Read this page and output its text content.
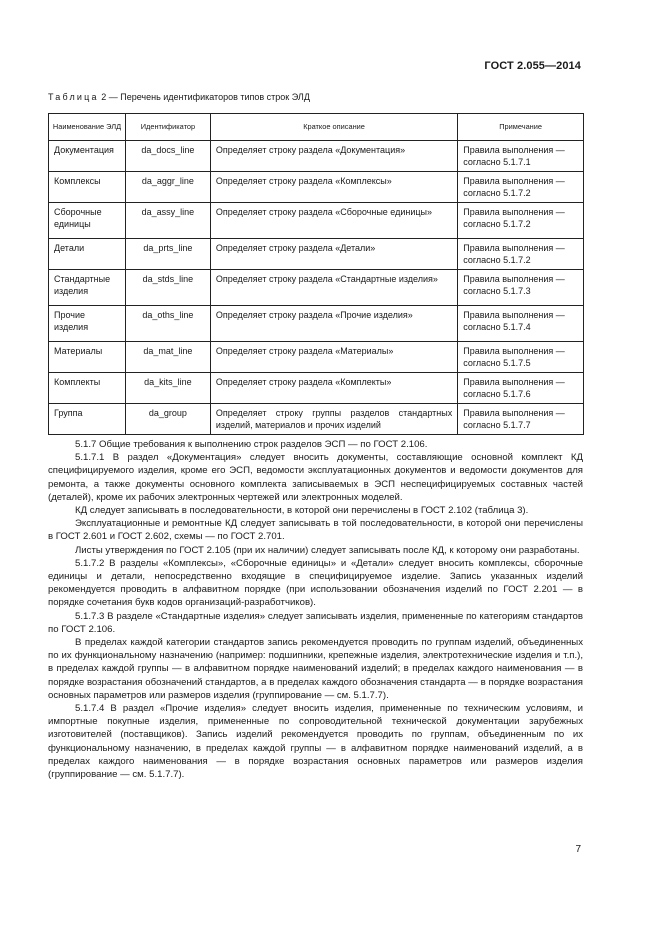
ГОСТ 2.055—2014
Таблица 2 — Перечень идентификаторов типов строк ЭЛД
Наименование ЭЛД	Идентификатор	Краткое описание	Примечание
Документация	da_docs_line	Определяет строку раздела «Документация»	Правила выполнения — согласно 5.1.7.1
Комплексы	da_aggr_line	Определяет строку раздела «Комплексы»	Правила выполнения — согласно 5.1.7.2
Сборочные единицы	da_assy_line	Определяет строку раздела «Сборочные единицы»	Правила выполнения — согласно 5.1.7.2
Детали	da_prts_line	Определяет строку раздела «Детали»	Правила выполнения — согласно 5.1.7.2
Стандартные изделия	da_stds_line	Определяет строку раздела «Стандартные изделия»	Правила выполнения — согласно 5.1.7.3
Прочие изделия	da_oths_line	Определяет строку раздела «Прочие изделия»	Правила выполнения — согласно 5.1.7.4
Материалы	da_mat_line	Определяет строку раздела «Материалы»	Правила выполнения — согласно 5.1.7.5
Комплекты	da_kits_line	Определяет строку раздела «Комплекты»	Правила выполнения — согласно 5.1.7.6
Группа	da_group	Определяет строку группы разделов стандартных изделий, материалов и прочих изделий	Правила выполнения — согласно 5.1.7.7

5.1.7 Общие требования к выполнению строк разделов ЭСП — по ГОСТ 2.106.

5.1.7.1 В раздел «Документация» следует вносить документы, составляющие основной комплект КД специфицируемого изделия, кроме его ЭСП, ведомости эксплуатационных документов и ведомости документов для ремонта, а также документы основного комплекта записываемых в ЭСП неспецифицируемых составных частей (деталей), кроме их рабочих электронных чертежей или электронных моделей.

КД следует записывать в последовательности, в которой они перечислены в ГОСТ 2.102 (таблица 3).

Эксплуатационные и ремонтные КД следует записывать в той последовательности, в которой они перечислены в ГОСТ 2.601 и ГОСТ 2.602, схемы — по ГОСТ 2.701.

Листы утверждения по ГОСТ 2.105 (при их наличии) следует записывать после КД, к которому они разработаны.

5.1.7.2 В разделы «Комплексы», «Сборочные единицы» и «Детали» следует вносить комплексы, сборочные единицы и детали, непосредственно входящие в специфицируемое изделие. Запись указанных изделий рекомендуется проводить в алфавитном порядке (при использовании обозначения изделий по ГОСТ 2.201 — в порядке сочетания букв кодов организаций-разработчиков).

5.1.7.3 В разделе «Стандартные изделия» следует записывать изделия, примененные по категориям стандартов по ГОСТ 2.106.

В пределах каждой категории стандартов запись рекомендуется проводить по группам изделий, объединенных по их функциональному назначению (например: подшипники, крепежные изделия, электротехнические изделия и т.п.), в пределах каждой группы — в алфавитном порядке наименований изделий; в пределах каждого наименования — в порядке возрастания обозначений стандартов, а в пределах каждого обозначения стандарта — в порядке возрастания основных параметров или размеров изделия (группирование — см. 5.1.7.7).

5.1.7.4 В раздел «Прочие изделия» следует вносить изделия, примененные по техническим условиям, и импортные покупные изделия, примененные по сопроводительной технической документации зарубежных изготовителей (поставщиков). Запись изделий рекомендуется проводить по группам, объединенным по их функциональному назначению, в пределах каждой группы — в алфавитном порядке наименований изделий, а в пределах каждого наименования — в порядке возрастания основных параметров или размеров изделия (группирование — см. 5.1.7.7).

7
